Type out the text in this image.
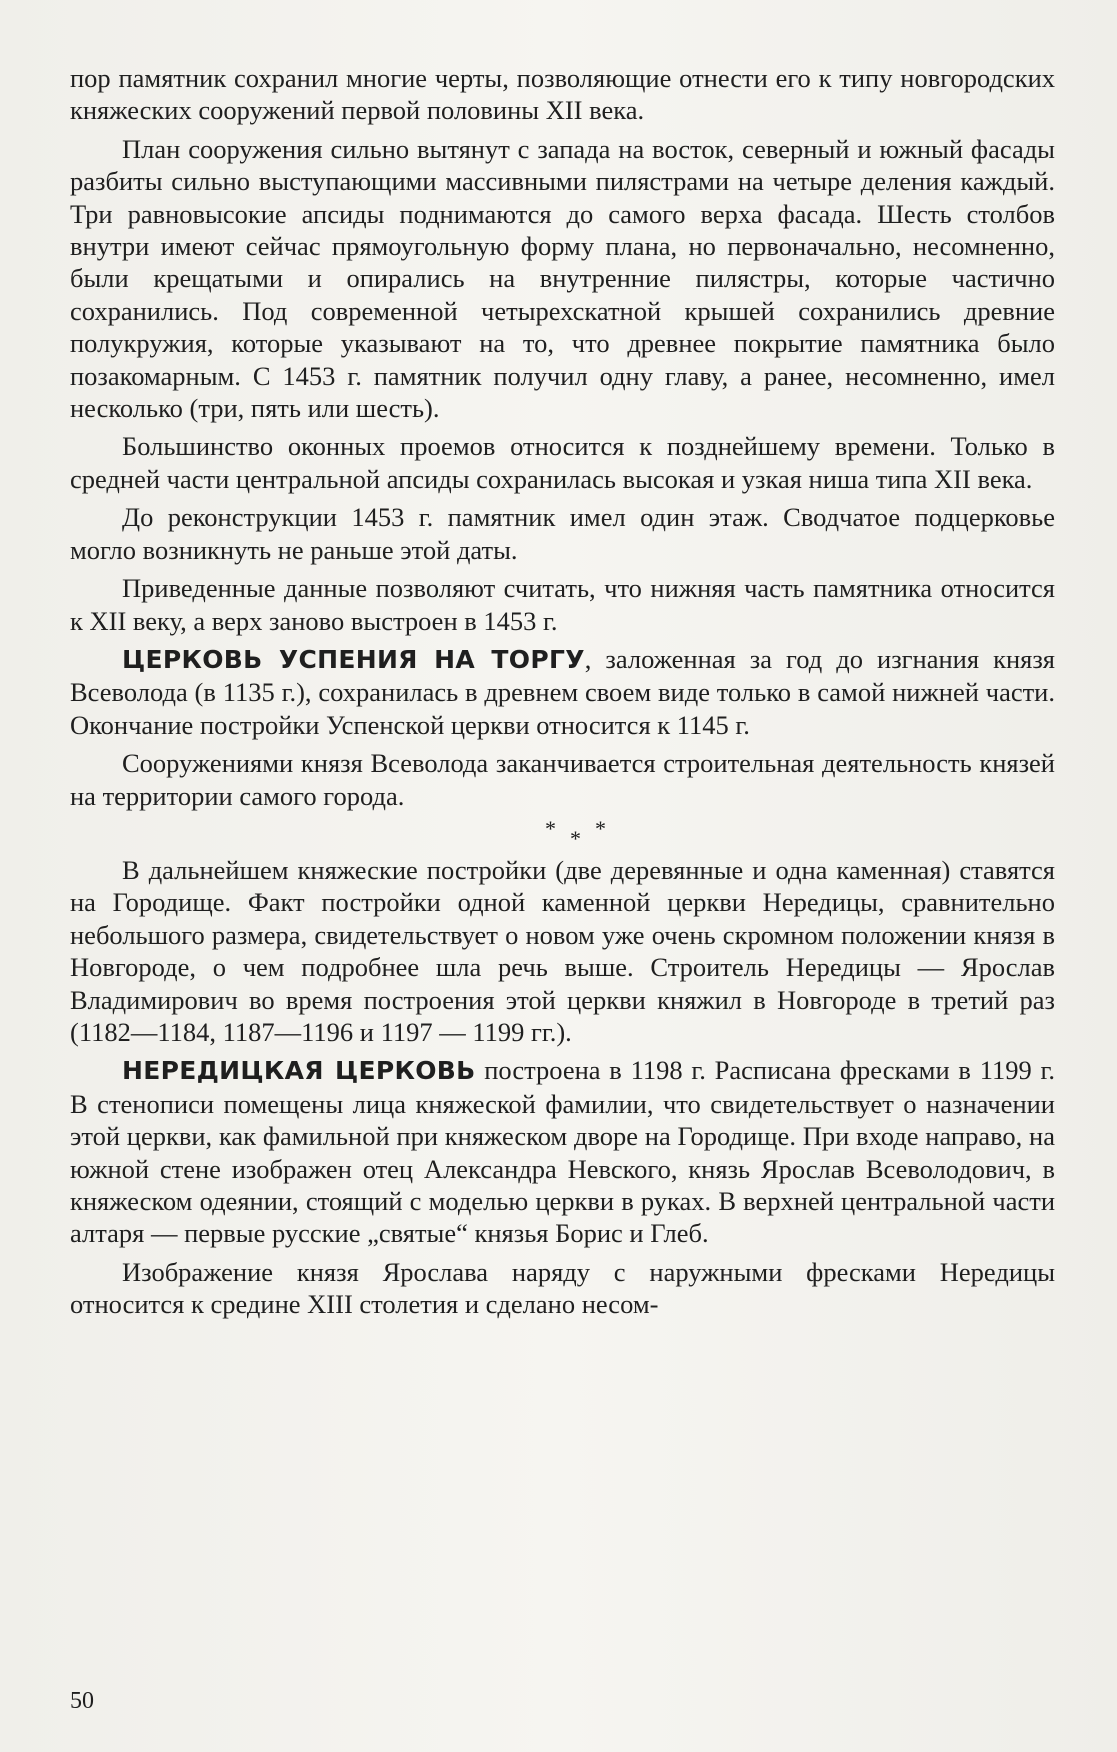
пор памятник сохранил многие черты, позволяющие отнести его к типу новгородских княжеских сооружений первой половины XII века.

План сооружения сильно вытянут с запада на восток, северный и южный фасады разбиты сильно выступающими массивными пилястрами на четыре деления каждый. Три равновысокие апсиды поднимаются до самого верха фасада. Шесть столбов внутри имеют сейчас прямоугольную форму плана, но первоначально, несомненно, были крещатыми и опирались на внутренние пилястры, которые частично сохранились. Под современной четырехскатной крышей сохранились древние полукружия, которые указывают на то, что древнее покрытие памятника было позакомарным. С 1453 г. памятник получил одну главу, а ранее, несомненно, имел несколько (три, пять или шесть).

Большинство оконных проемов относится к позднейшему времени. Только в средней части центральной апсиды сохранилась высокая и узкая ниша типа XII века.

До реконструкции 1453 г. памятник имел один этаж. Сводчатое подцерковье могло возникнуть не раньше этой даты.

Приведенные данные позволяют считать, что нижняя часть памятника относится к XII веку, а верх заново выстроен в 1453 г.

ЦЕРКОВЬ УСПЕНИЯ НА ТОРГУ, заложенная за год до изгнания князя Всеволода (в 1135 г.), сохранилась в древнем своем виде только в самой нижней части. Окончание постройки Успенской церкви относится к 1145 г.

Сооружениями князя Всеволода заканчивается строительная деятельность князей на территории самого города.

***

В дальнейшем княжеские постройки (две деревянные и одна каменная) ставятся на Городище. Факт постройки одной каменной церкви Нередицы, сравнительно небольшого размера, свидетельствует о новом уже очень скромном положении князя в Новгороде, о чем подробнее шла речь выше. Строитель Нередицы — Ярослав Владимирович во время построения этой церкви княжил в Новгороде в третий раз (1182—1184, 1187—1196 и 1197 — 1199 гг.).

НЕРЕДИЦКАЯ ЦЕРКОВЬ построена в 1198 г. Расписана фресками в 1199 г. В стенописи помещены лица княжеской фамилии, что свидетельствует о назначении этой церкви, как фамильной при княжеском дворе на Городище. При входе направо, на южной стене изображен отец Александра Невского, князь Ярослав Всеволодович, в княжеском одеянии, стоящий с моделью церкви в руках. В верхней центральной части алтаря — первые русские „святые“ князья Борис и Глеб.

Изображение князя Ярослава наряду с наружными фресками Нередицы относится к средине XIII столетия и сделано несом-

50
